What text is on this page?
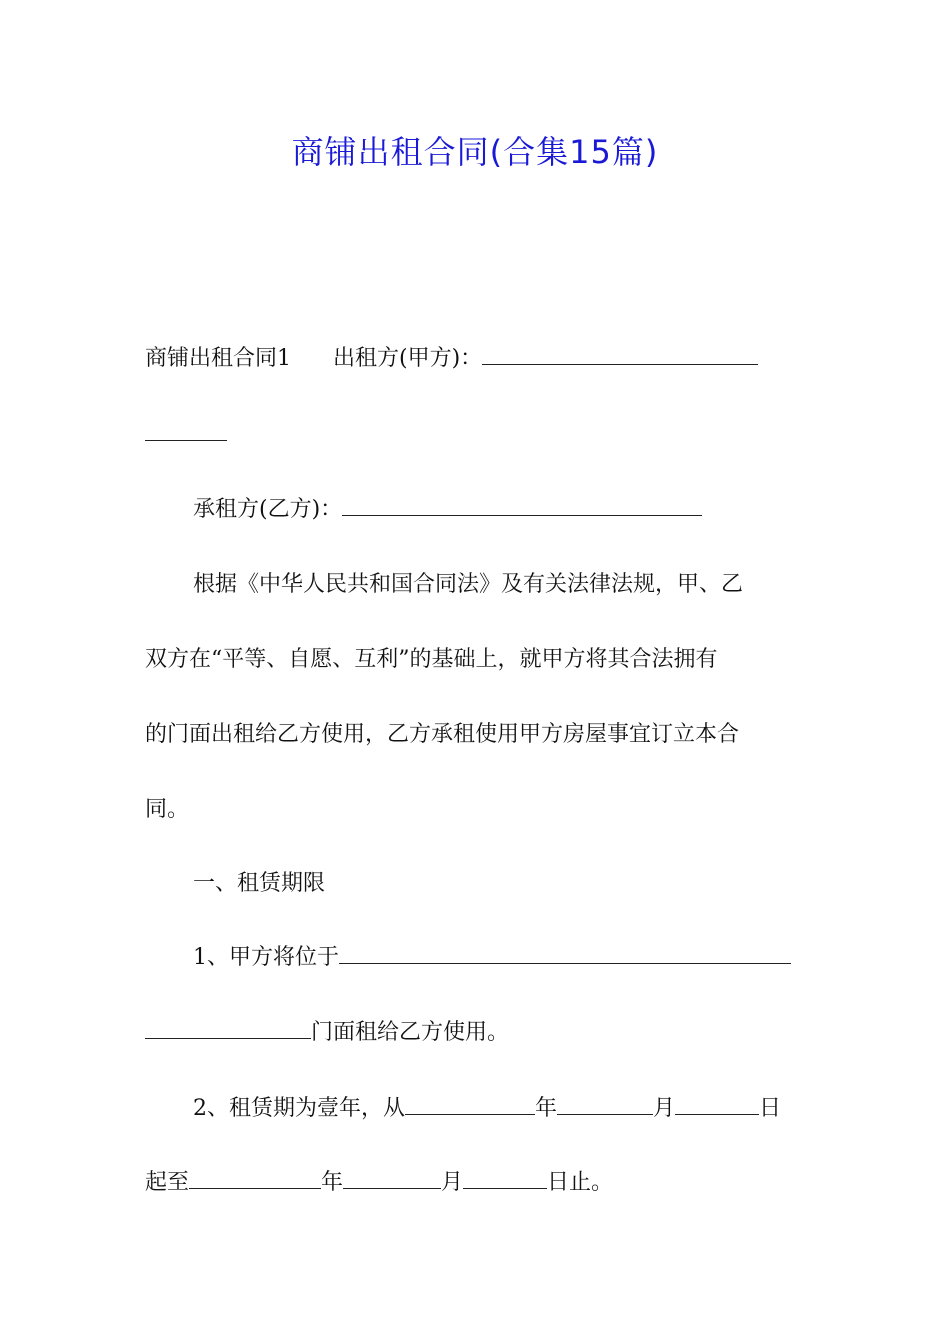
商铺出租合同(合集15篇)
商铺出租合同1 出租方(甲方)：
承租方(乙方)：
根据《中华人民共和国合同法》及有关法律法规，甲、乙
双方在“平等、自愿、互利”的基础上，就甲方将其合法拥有
的门面出租给乙方使用，乙方承租使用甲方房屋事宜订立本合
同。
一、租赁期限
1、甲方将位于
门面租给乙方使用。
2、租赁期为壹年，从	年	月	日
起至	年	月	日止。
